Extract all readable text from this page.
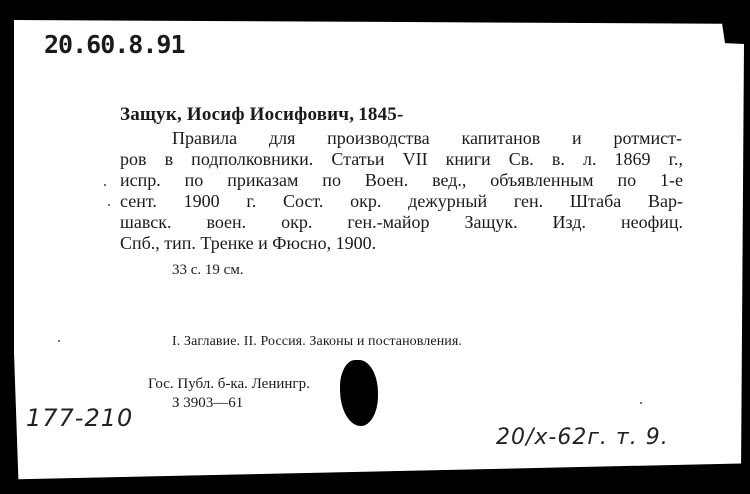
20.60.8.91
Защук, Иосиф Иосифович, 1845-
Правила для производства капитанов и ротмист-
ров в подполковники. Статьи VII книги Св. в. л. 1869 г.,
испр. по приказам по Воен. вед., объявленным по 1-е
сент. 1900 г. Сост. окр. дежурный ген. Штаба Вар-
шавск. воен. окр. ген.-майор Защук. Изд. неофиц.
Спб., тип. Тренке и Фюсно, 1900.
33 с. 19 см.
I. Заглавие. II. Россия. Законы и постановления.
Гос. Публ. б-ка. Ленингр.
З 3903—61
177-210
20/х-62г. т. 9.
